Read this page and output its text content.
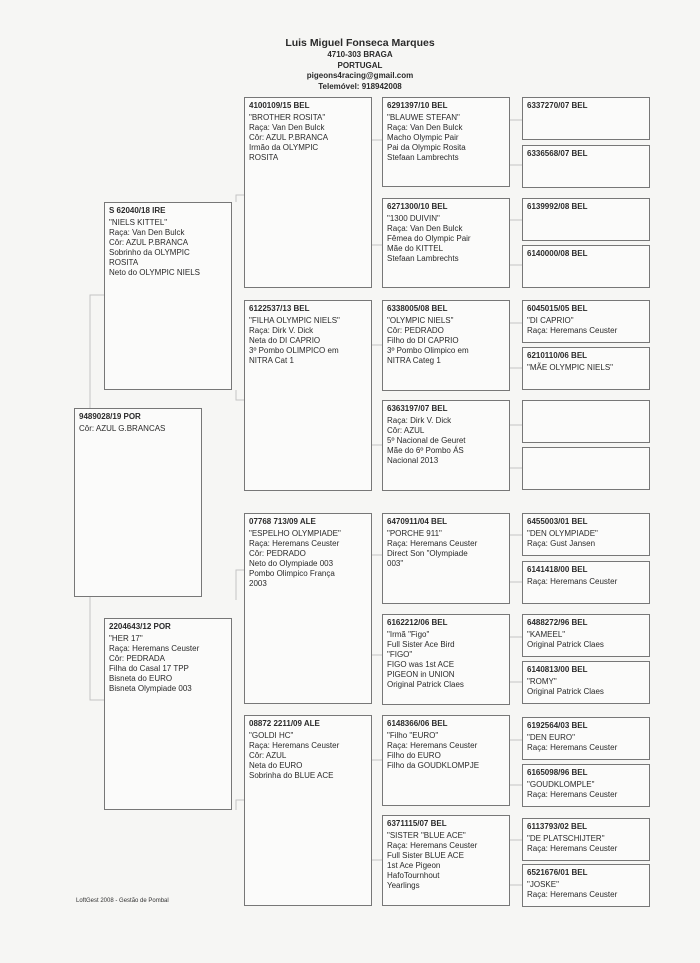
Luis Miguel Fonseca Marques
4710-303 BRAGA
PORTUGAL
pigeons4racing@gmail.com
Telemóvel: 918942008
9489028/19 POR
Côr: AZUL G.BRANCAS
S 62040/18 IRE
"NIELS KITTEL"
Raça: Van Den Bulck
Côr: AZUL P.BRANCA
Sobrinho da OLYMPIC
ROSITA
Neto do OLYMPIC NIELS
2204643/12 POR
"HER 17"
Raça: Heremans Ceuster
Côr: PEDRADA
Filha do Casal 17 TPP
Bisneta do EURO
Bisneta Olympiade 003
4100109/15 BEL
"BROTHER ROSITA"
Raça: Van Den Bulck
Côr: AZUL P.BRANCA
Irmão da OLYMPIC
ROSITA
6122537/13 BEL
"FILHA OLYMPIC NIELS"
Raça: Dirk V. Dick
Neta do DI CAPRIO
3º Pombo OLIMPICO em
NITRA Cat 1
07768 713/09 ALE
"ESPELHO OLYMPIADE"
Raça: Heremans Ceuster
Côr: PEDRADO
Neto do Olympiade 003
Pombo Olimpico França
2003
08872 2211/09 ALE
"GOLDI HC"
Raça: Heremans Ceuster
Côr: AZUL
Neta do EURO
Sobrinha do BLUE ACE
6291397/10 BEL
"BLAUWE STEFAN"
Raça: Van Den Bulck
Macho Olympic Pair
Pai da Olympic Rosita
Stefaan Lambrechts
6271300/10 BEL
"1300 DUIVIN"
Raça: Van Den Bulck
Fêmea do Olympic Pair
Mãe do KITTEL
Stefaan Lambrechts
6338005/08 BEL
"OLYMPIC NIELS"
Côr: PEDRADO
Filho do DI CAPRIO
3º Pombo Olimpico em
NITRA Categ 1
6363197/07 BEL
Raça: Dirk V. Dick
Côr: AZUL
5º Nacional de Geuret
Mãe do 6º Pombo ÁS
Nacional 2013
6470911/04 BEL
"PORCHE 911"
Raça: Heremans Ceuster
Direct Son "Olympiade
003"
6162212/06 BEL
"Irmã "Figo"
Full Sister Ace Bird
"FIGO"
FIGO was 1st ACE
PIGEON in UNION
Original Patrick Claes
6148366/06 BEL
"Filho "EURO"
Raça: Heremans Ceuster
Filho do EURO
Filho da GOUDKLOMPJE
6371115/07 BEL
"SISTER "BLUE ACE"
Raça: Heremans Ceuster
Full Sister BLUE ACE
1st Ace Pigeon
HafoTournhout
Yearlings
6337270/07 BEL
6336568/07 BEL
6139992/08 BEL
6140000/08 BEL
6045015/05 BEL
"DI CAPRIO"
Raça: Heremans Ceuster
6210110/06 BEL
"MÃE OLYMPIC NIELS"
6455003/01 BEL
"DEN OLYMPIADE"
Raça: Gust Jansen
6141418/00 BEL
Raça: Heremans Ceuster
6488272/96 BEL
"KAMEEL"
Original Patrick Claes
6140813/00 BEL
"ROMY"
Original Patrick Claes
6192564/03 BEL
"DEN EURO"
Raça: Heremans Ceuster
6165098/96 BEL
"GOUDKLOMPLE"
Raça: Heremans Ceuster
6113793/02 BEL
"DE PLATSCHIJTER"
Raça: Heremans Ceuster
6521676/01 BEL
"JOSKE"
Raça: Heremans Ceuster
LoftGest 2008 - Gestão de Pombal
